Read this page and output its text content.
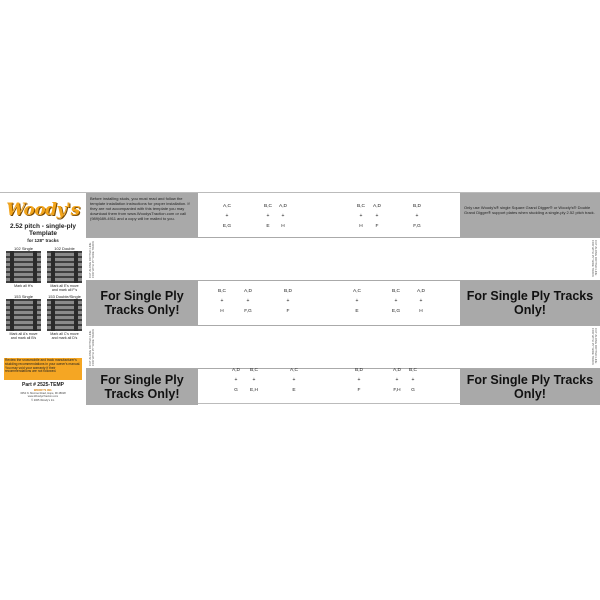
Woody's
2.52 pitch - single-ply
Template
for 128" tracks
102 Single
Mark all H's
102 Double
Mark all E's move and mark all F's
153 Single
Mark all A's move and mark all B's
153 Double/Single
Mark all C's move and mark all D's
Review the snowmobile and track manufacturer's studding recommendations in your owner's manual. You may void your warranty if their recommendations are not followed.
Part # 2525-TEMP
WOODY'S INC.
3054 N. Monroe Road, Hope, MI 48628
www.WoodysTraction.com
© 2005 Woody's Inc.
Before installing studs, you must read and follow the template installation instructions for proper installation. If they are not accompanied with this template you may download them from www.WoodysTraction.com or call (989)689-4911 and a copy will be mailed to you.
Only use Woody's® single Square Grand Digger® or Woody's® Double Grand Digger® support plates when studding a single-ply 2.52 pitch track.
A,C
+
E,G
B,C
+
E
A,D
+
H
B,C
+
H
A,D
+
F
B,D
+
F,G
CUT ALONG DOTTED LINE FOR WITH 15" WIDE TRACK	CUT ALONG DOTTED LINE FOR WITH 15" WIDE TRACK
For Single Ply Tracks Only!
For Single Ply Tracks Only!
B,C
+
H
A,D
+
F,G
B,D
+
F
A,C
+
E
B,C
+
E,G
A,D
+
H
CUT ALONG DOTTED LINE FOR WITH 15" WIDE TRACK	CUT ALONG DOTTED LINE FOR WITH 15" WIDE TRACK
For Single Ply Tracks Only!
For Single Ply Tracks Only!
A,D
+
G
B,C
+
E,H
A,C
+
E
B,D
+
F
A,D
+
F,H
B,C
+
G
